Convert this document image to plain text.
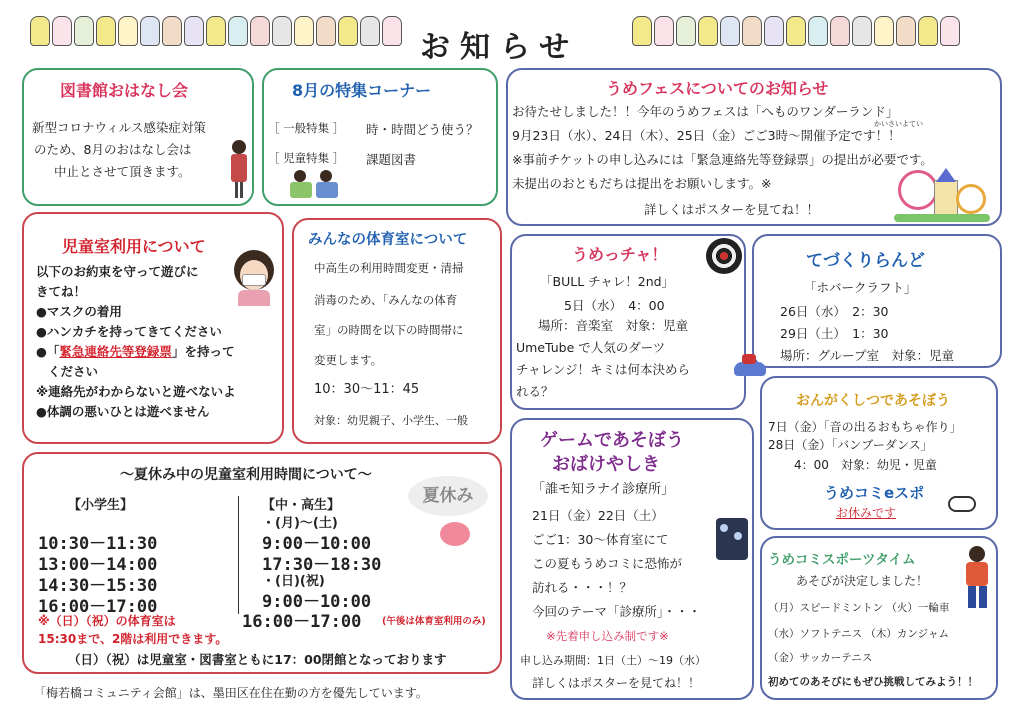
お知らせ
図書館おはなし会
新型コロナウィルス感染症対策
のため、8月のおはなし会は
中止とさせて頂きます。
8月の特集コーナー
［ 一般特集 ］ 時・時間どう使う？
［ 児童特集 ］ 課題図書
うめフェスについてのお知らせ
お待たせしました！！今年のうめフェスは「へものワンダーランド」
かいさいよてい
9月23日（水）、24日（木）、25日（金）ごご3時～開催予定です！！
※事前チケットの申し込みには「緊急連絡先等登録票」の提出が必要です。
未提出のおともだちは提出をお願いします。※
詳しくはポスターを見てね！！
児童室利用について
以下のお約束を守って遊びに
きてね！
●マスクの着用
●ハンカチを持ってきてください
●「緊急連絡先等登録票」を持って
ください
※連絡先がわからないと遊べないよ
●体調の悪いひとは遊べません
みんなの体育室について
中高生の利用時間変更・清掃
消毒のため、「みんなの体育
室」の時間を以下の時間帯に
変更します。
10：30～11：45
対象：幼児親子、小学生、一般
うめっチャ！
「BULL チャレ！2nd」
5日（水）　4：00
場所：音楽室　対象：児童
UmeTube で人気のダーツ
チャレンジ！キミは何本決めら
れる？
てづくりらんど
「ホバークラフト」
26日（水）　2：30
29日（土）　1：30
場所：グループ室　対象：児童
おんがくしつであそぼう
7日（金）「音の出るおもちゃ作り」
28日（金）「バンブーダンス」
4：00　対象：幼児・児童
うめコミeスポ
お休みです
～夏休み中の児童室利用時間について～
夏休み
【小学生】
10:30－11:30
13:00－14:00
14:30－15:30
16:00－17:00
※（日）（祝）の体育室は
15:30まで、2階は利用できます。
【中・高生】
・(月)～(土)
9:00－10:00
17:30－18:30
・(日)(祝)
9:00－10:00
16:00－17:00 (午後は体育室利用のみ)
（日）（祝）は児童室・図書室ともに17：00閉館となっております
ゲームであそぼう
おばけやしき
「誰モ知ラナイ診療所」
21日（金）22日（土）
ごご1：30～体育室にて
この夏もうめコミに恐怖が
訪れる・・・！？
今回のテーマ「診療所」・・・
※先着申し込み制です※
申し込み期間：1日（土）～19（水）
詳しくはポスターを見てね！！
うめコミスポーツタイム
あそびが決定しました！
（月）スピードミントン （火）一輪車
（水）ソフトテニス （木）カンジャム
（金）サッカーテニス
初めてのあそびにもぜひ挑戦してみよう！！
「梅若橋コミュニティ会館」は、墨田区在住在勤の方を優先しています。
